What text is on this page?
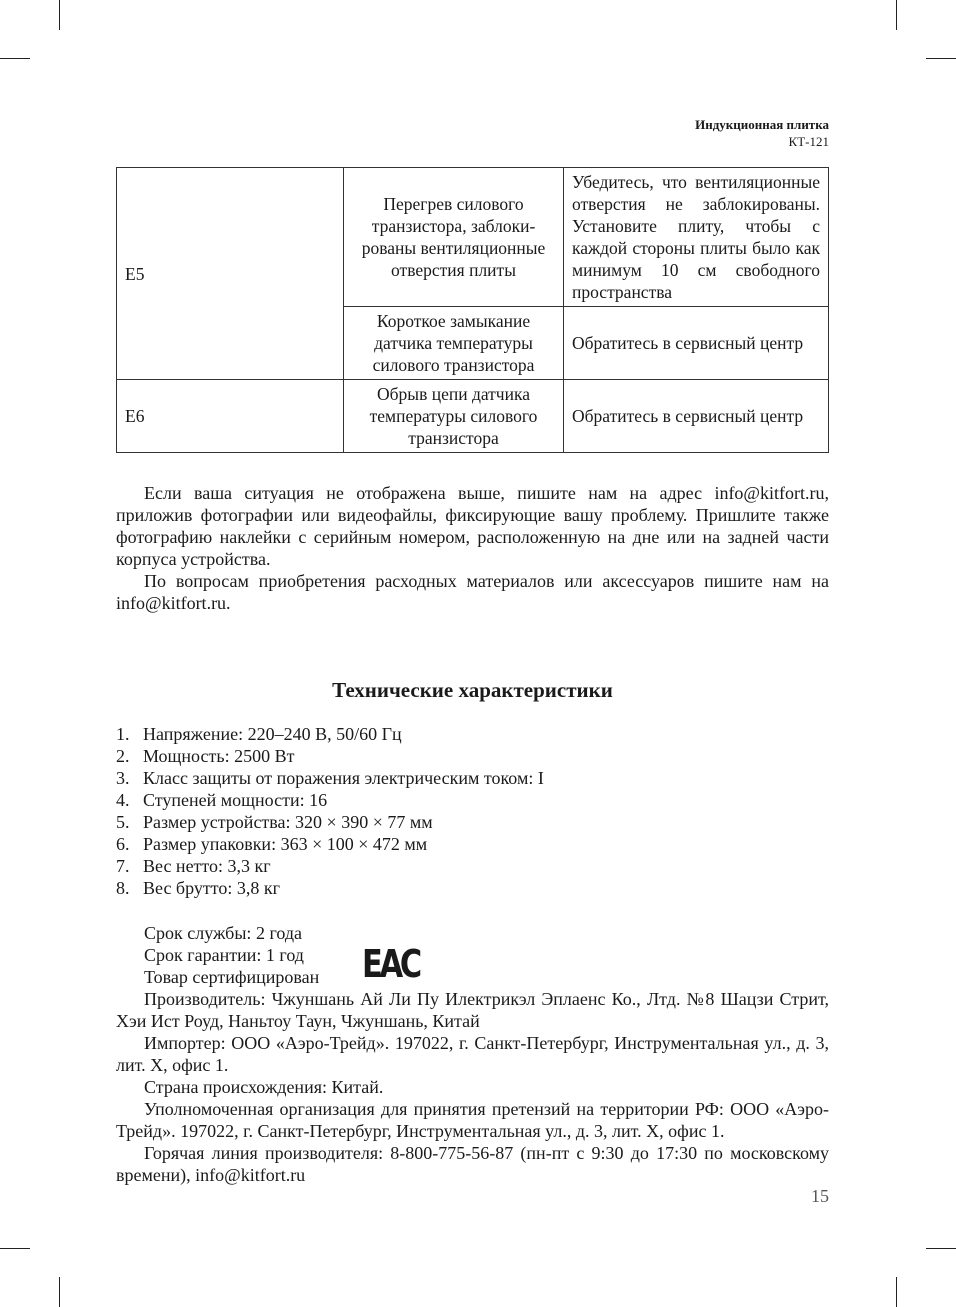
Индукционная плитка
КТ-121
Е5	Перегрев силового транзистора, заблокированы вентиляционные отверстия плиты	Убедитесь, что вентиляционные отверстия не заблокированы. Установите плиту, чтобы с каждой стороны плиты было как минимум 10 см свободного пространства
	Короткое замыкание датчика температуры силового транзистора	Обратитесь в сервисный центр
Е6	Обрыв цепи датчика температуры силового транзистора	Обратитесь в сервисный центр

Если ваша ситуация не отображена выше, пишите нам на адрес info@kitfort.ru, приложив фотографии или видеофайлы, фиксирующие вашу проблему. Пришлите также фотографию наклейки с серийным номером, расположенную на дне или на задней части корпуса устройства.

По вопросам приобретения расходных материалов или аксессуаров пишите нам на info@kitfort.ru.

Технические характеристики
1. Напряжение: 220–240 В, 50/60 Гц
2. Мощность: 2500 Вт
3. Класс защиты от поражения электрическим током: I
4. Ступеней мощности: 16
5. Размер устройства: 320 × 390 × 77 мм
6. Размер упаковки: 363 × 100 × 472 мм
7. Вес нетто: 3,3 кг
8. Вес брутто: 3,8 кг
Срок службы: 2 года
Срок гарантии: 1 год
Товар сертифицирован EAC

Производитель: Чжуншань Ай Ли Пу Илектрикэл Эплаенс Ко., Лтд. №8 Шацзи Стрит, Хэи Ист Роуд, Наньтоу Таун, Чжуншань, Китай

Импортер: ООО «Аэро-Трейд». 197022, г. Санкт-Петербург, Инструментальная ул., д. 3, лит. Х, офис 1.

Страна происхождения: Китай.

Уполномоченная организация для принятия претензий на территории РФ: ООО «Аэро-Трейд». 197022, г. Санкт-Петербург, Инструментальная ул., д. 3, лит. Х, офис 1.

Горячая линия производителя: 8-800-775-56-87 (пн-пт с 9:30 до 17:30 по московскому времени), info@kitfort.ru

15
